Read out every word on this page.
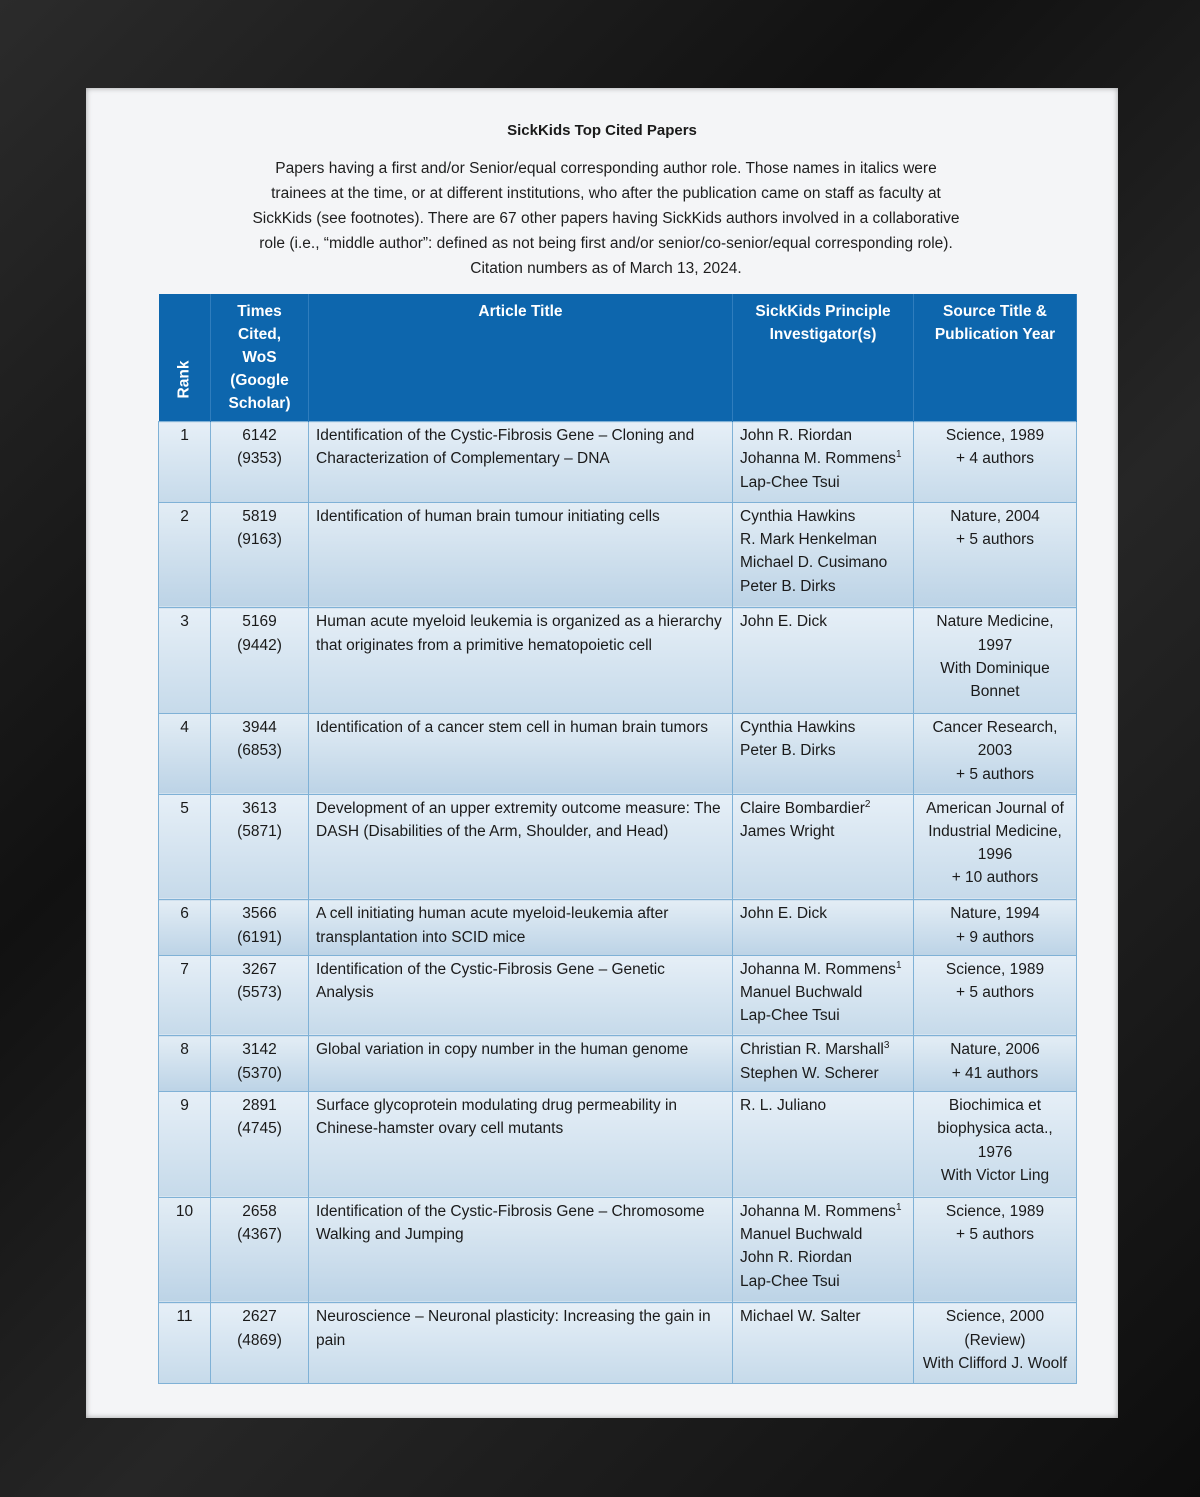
SickKids Top Cited Papers

Papers having a first and/or Senior/equal corresponding author role. Those names in italics were

trainees at the time, or at different institutions, who after the publication came on staff as faculty at

SickKids (see footnotes). There are 67 other papers having SickKids authors involved in a collaborative

role (i.e., “middle author”: defined as not being first and/or senior/co-senior/equal corresponding role).

Citation numbers as of March 13, 2024.

Rank	Times
Cited,
WoS
(Google
Scholar)	Article Title	SickKids Principle
Investigator(s)	Source Title &
Publication Year

1	6142
(9353)	Identification of the Cystic-Fibrosis Gene – Cloning and Characterization of Complementary – DNA	John R. Riordan
Johanna M. Rommens$^1$
Lap-Chee Tsui	Science, 1989
+ 4 authors

2	5819
(9163)	Identification of human brain tumour initiating cells	Cynthia Hawkins
R. Mark Henkelman
Michael D. Cusimano
Peter B. Dirks	Nature, 2004
+ 5 authors

3	5169
(9442)	Human acute myeloid leukemia is organized as a hierarchy that originates from a primitive hematopoietic cell	John E. Dick	Nature Medicine, 1997
With Dominique Bonnet

4	3944
(6853)	Identification of a cancer stem cell in human brain tumors	Cynthia Hawkins
Peter B. Dirks	Cancer Research, 2003
+ 5 authors

5	3613
(5871)	Development of an upper extremity outcome measure: The DASH (Disabilities of the Arm, Shoulder, and Head)	Claire Bombardier$^2$
James Wright	American Journal of Industrial Medicine, 1996
+ 10 authors

6	3566
(6191)	A cell initiating human acute myeloid-leukemia after transplantation into SCID mice	John E. Dick	Nature, 1994
+ 9 authors

7	3267
(5573)	Identification of the Cystic-Fibrosis Gene – Genetic Analysis	Johanna M. Rommens$^1$
Manuel Buchwald
Lap-Chee Tsui	Science, 1989
+ 5 authors

8	3142
(5370)	Global variation in copy number in the human genome	Christian R. Marshall$^3$
Stephen W. Scherer	Nature, 2006
+ 41 authors

9	2891
(4745)	Surface glycoprotein modulating drug permeability in Chinese-hamster ovary cell mutants	R. L. Juliano	Biochimica et biophysica acta., 1976
With Victor Ling

10	2658
(4367)	Identification of the Cystic-Fibrosis Gene – Chromosome Walking and Jumping	Johanna M. Rommens$^1$
Manuel Buchwald
John R. Riordan
Lap-Chee Tsui	Science, 1989
+ 5 authors

11	2627
(4869)	Neuroscience – Neuronal plasticity: Increasing the gain in pain	Michael W. Salter	Science, 2000
(Review)
With Clifford J. Woolf
